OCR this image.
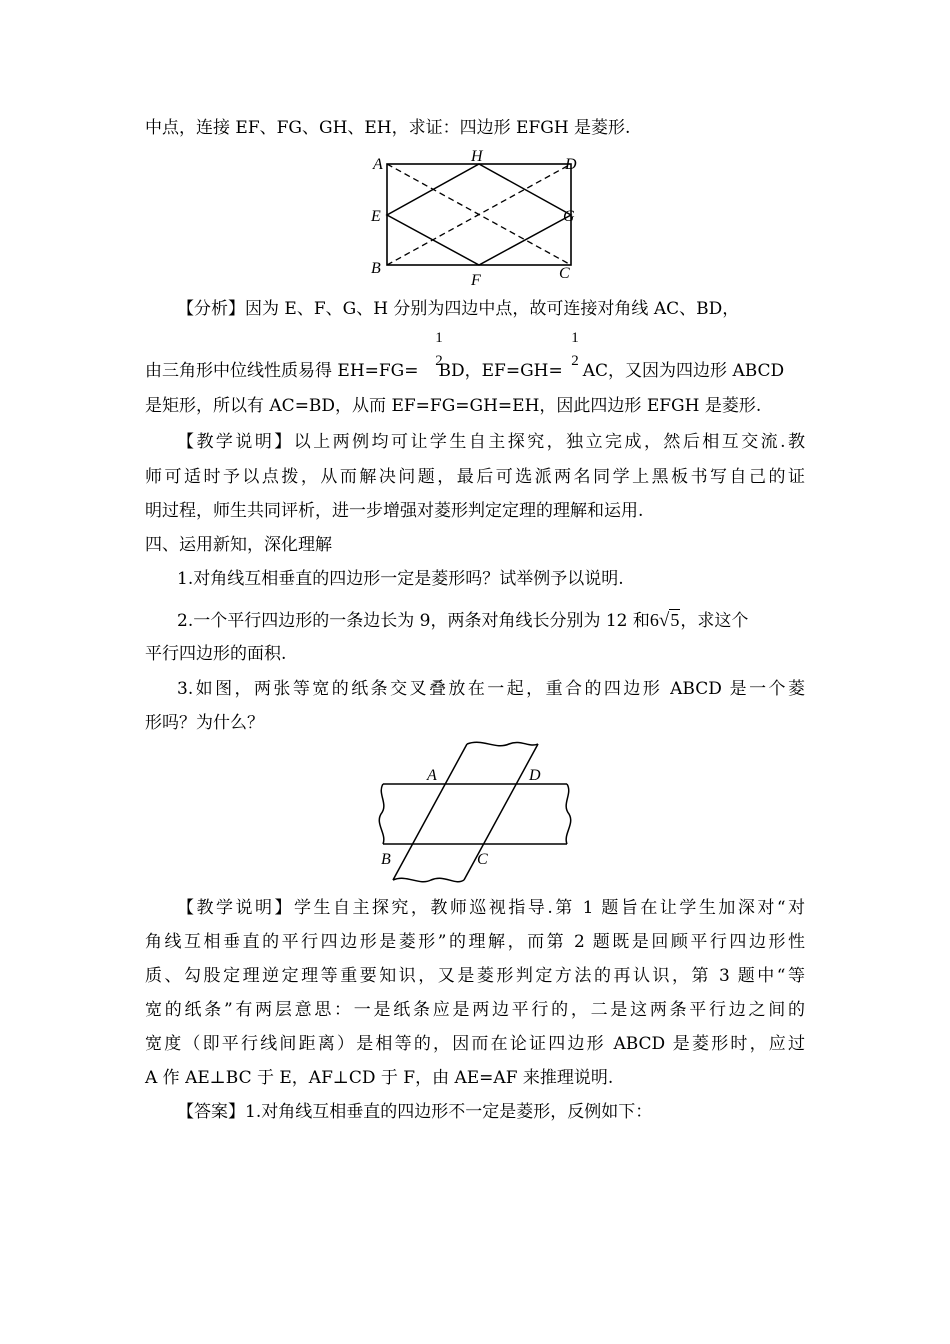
中点，连接 EF、FG、GH、EH，求证：四边形 EFGH 是菱形.
A	H	D
E	G
B
F	C
【分析】因为 E、F、G、H 分别为四边中点，故可连接对角线 AC、BD，
由三角形中位线性质易得 EH=FG= BD，EF=GH= AC，又因为四边形 ABCD
1
2
1
2
是矩形，所以有 AC=BD，从而 EF=FG=GH=EH，因此四边形 EFGH 是菱形.
【教学说明】以上两例均可让学生自主探究，独立完成，然后相互交流.教
师可适时予以点拨，从而解决问题，最后可选派两名同学上黑板书写自己的证
明过程，师生共同评析，进一步增强对菱形判定定理的理解和运用.
四、运用新知，深化理解
1.对角线互相垂直的四边形一定是菱形吗？试举例予以说明.
2.一个平行四边形的一条边长为 9，两条对角线长分别为 12 和6√5，求这个
平行四边形的面积.
3.如图，两张等宽的纸条交叉叠放在一起，重合的四边形 ABCD 是一个菱
形吗？为什么？
A	D
B	C
【教学说明】学生自主探究，教师巡视指导.第 1 题旨在让学生加深对“对
角线互相垂直的平行四边形是菱形”的理解，而第 2 题既是回顾平行四边形性
质、勾股定理逆定理等重要知识，又是菱形判定方法的再认识，第 3 题中“等
宽的纸条”有两层意思：一是纸条应是两边平行的，二是这两条平行边之间的
宽度（即平行线间距离）是相等的，因而在论证四边形 ABCD 是菱形时，应过
A 作 AE⊥BC 于 E，AF⊥CD 于 F，由 AE=AF 来推理说明.
【答案】1.对角线互相垂直的四边形不一定是菱形，反例如下：
